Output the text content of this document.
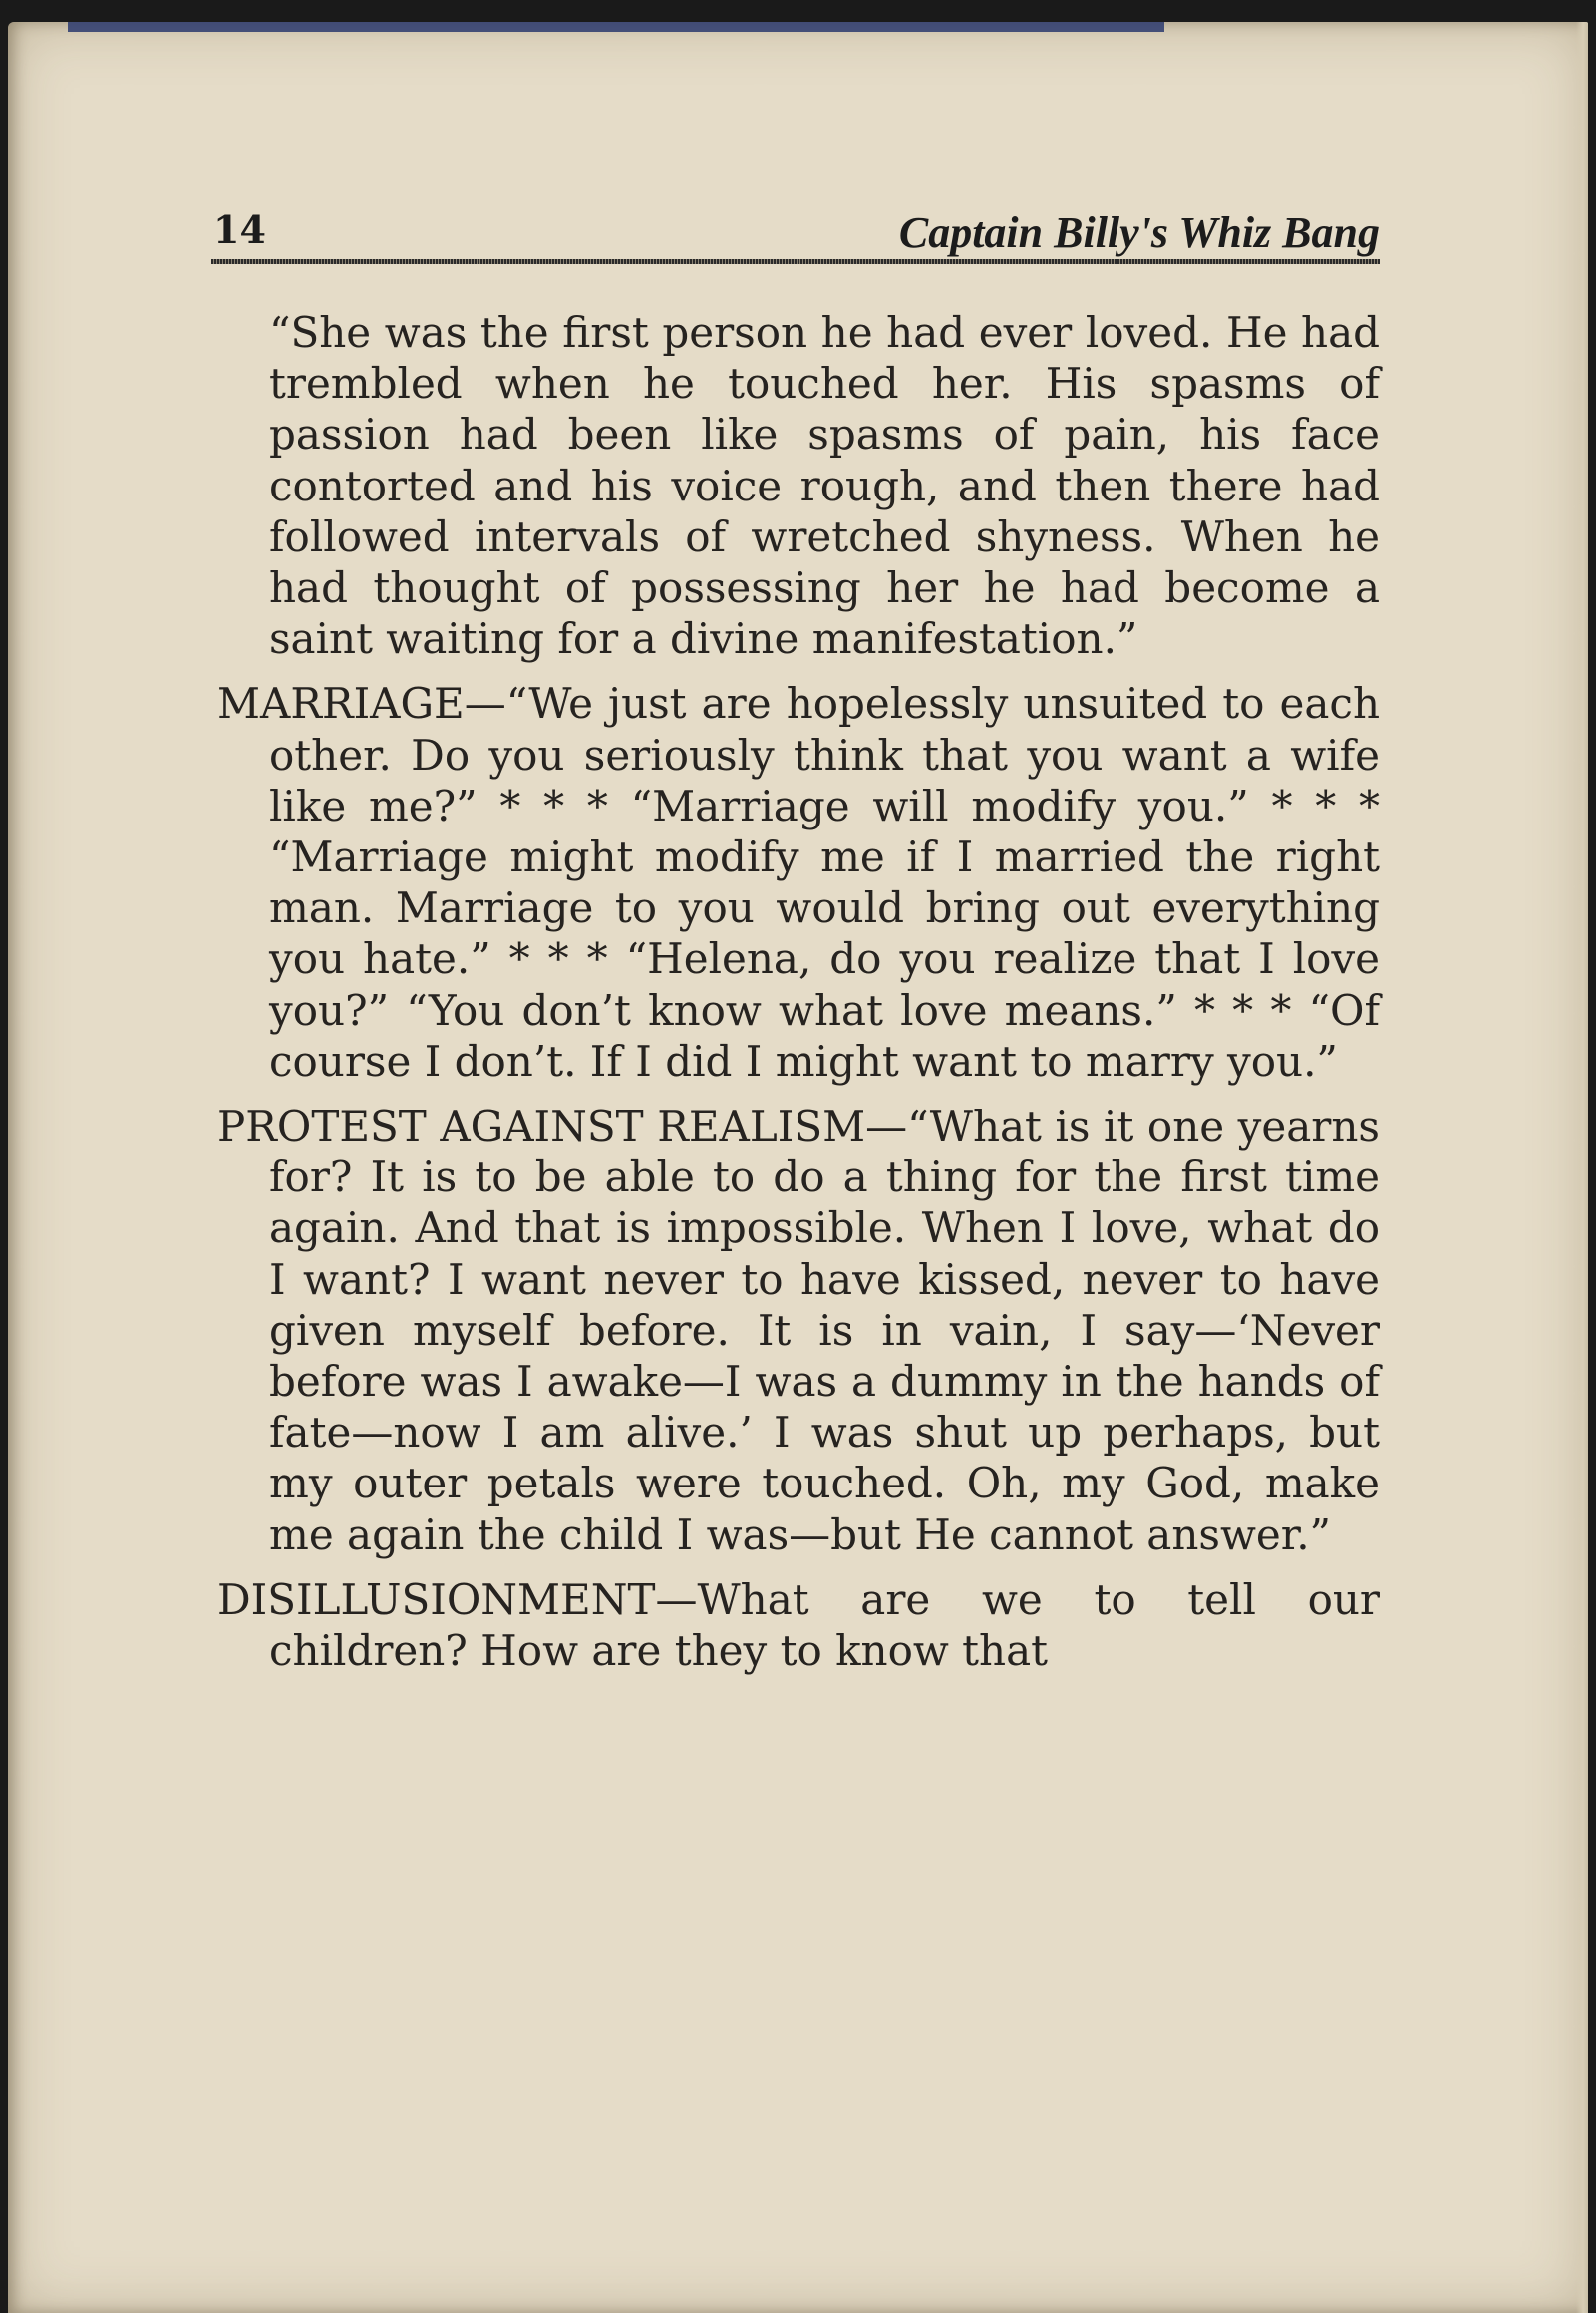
14	Captain Billy's Whiz Bang

“She was the first person he had ever loved. He had trembled when he touched her. His spasms of passion had been like spasms of pain, his face contorted and his voice rough, and then there had followed intervals of wretched shyness. When he had thought of possessing her he had become a saint waiting for a divine manifestation.”

MARRIAGE—“We just are hopelessly unsuited to each other. Do you seriously think that you want a wife like me?” * * * “Marriage will modify you.” * * * “Marriage might modify me if I married the right man. Marriage to you would bring out everything you hate.” * * * “Helena, do you realize that I love you?” “You don’t know what love means.” * * * “Of course I don’t. If I did I might want to marry you.”

PROTEST AGAINST REALISM—“What is it one yearns for? It is to be able to do a thing for the first time again. And that is impossible. When I love, what do I want? I want never to have kissed, never to have given myself before. It is in vain, I say—‘Never before was I awake—I was a dummy in the hands of fate—now I am alive.’ I was shut up perhaps, but my outer petals were touched. Oh, my God, make me again the child I was—but He cannot answer.”

DISILLUSIONMENT—What are we to tell our children? How are they to know that
